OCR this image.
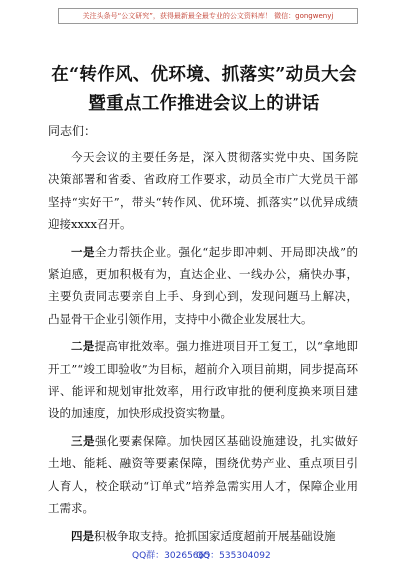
关注头条号“公文研究”，获得最新最全最专业的公文资料库！ 微信：gongwenyj
在“转作风、优环境、抓落实”动员大会
暨重点工作推进会议上的讲话
同志们：

今天会议的主要任务是，深入贯彻落实党中央、国务院决策部署和省委、省政府工作要求，动员全市广大党员干部坚持“实好干”，带头“转作风、优环境、抓落实”以优异成绩迎接xxxx召开。

一是全力帮扶企业。强化“起步即冲刺、开局即决战”的紧迫感，更加积极有为，直达企业、一线办公，痛快办事，主要负责同志要亲自上手、身到心到，发现问题马上解决，凸显骨干企业引领作用，支持中小微企业发展壮大。

二是提高审批效率。强力推进项目开工复工，以“拿地即开工”“竣工即验收”为目标，超前介入项目前期，同步提高环评、能评和规划审批效率，用行政审批的便利度换来项目建设的加速度，加快形成投资实物量。

三是强化要素保障。加快园区基础设施建设，扎实做好土地、能耗、融资等要素保障，围绕优势产业、重点项目引人育人，校企联动“订单式”培养急需实用人才，保障企业用工需求。

四是积极争取支持。抢抓国家适度超前开展基础设施

QQ群：30265665
QQ：535304092
